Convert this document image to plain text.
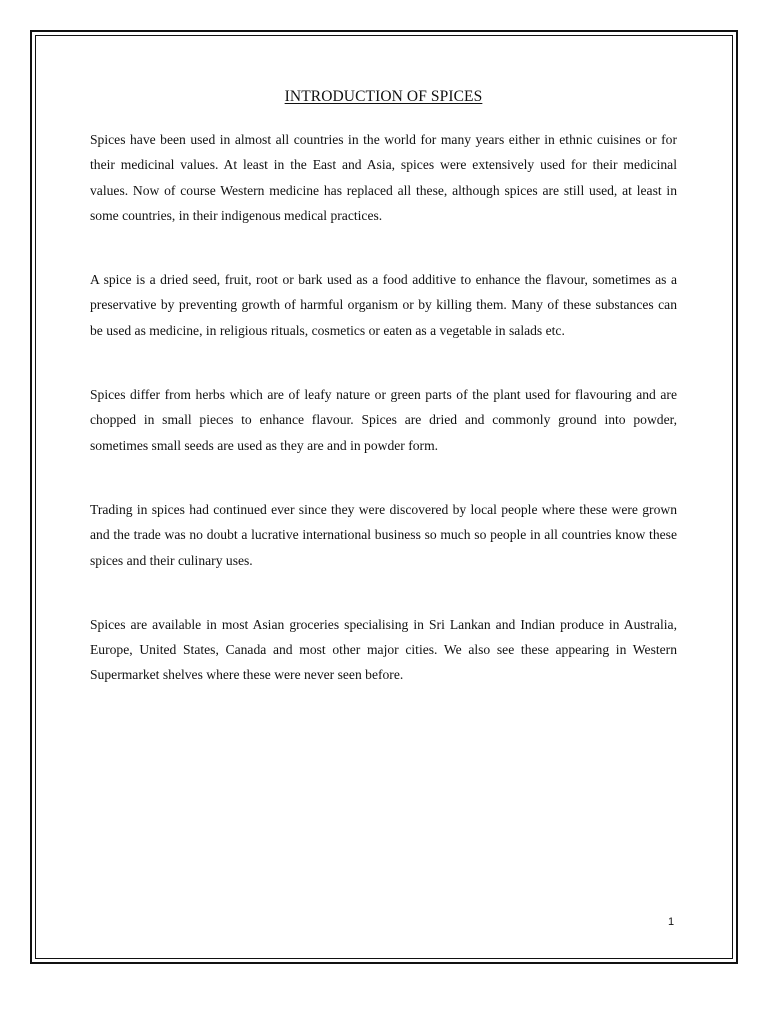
INTRODUCTION OF SPICES

Spices have been used in almost all countries in the world for many years either in ethnic cuisines or for their medicinal values. At least in the East and Asia, spices were extensively used for their medicinal values. Now of course Western medicine has replaced all these, although spices are still used, at least in some countries, in their indigenous medical practices.

A spice is a dried seed, fruit, root or bark used as a food additive to enhance the flavour, sometimes as a preservative by preventing growth of harmful organism or by killing them. Many of these substances can be used as medicine, in religious rituals, cosmetics or eaten as a vegetable in salads etc.

Spices differ from herbs which are of leafy nature or green parts of the plant used for flavouring and are chopped in small pieces to enhance flavour. Spices are dried and commonly ground into powder, sometimes small seeds are used as they are and in powder form.

Trading in spices had continued ever since they were discovered by local people where these were grown and the trade was no doubt a lucrative international business so much so people in all countries know these spices and their culinary uses.

Spices are available in most Asian groceries specialising in Sri Lankan and Indian produce in Australia, Europe, United States, Canada and most other major cities. We also see these appearing in Western Supermarket shelves where these were never seen before.

1
